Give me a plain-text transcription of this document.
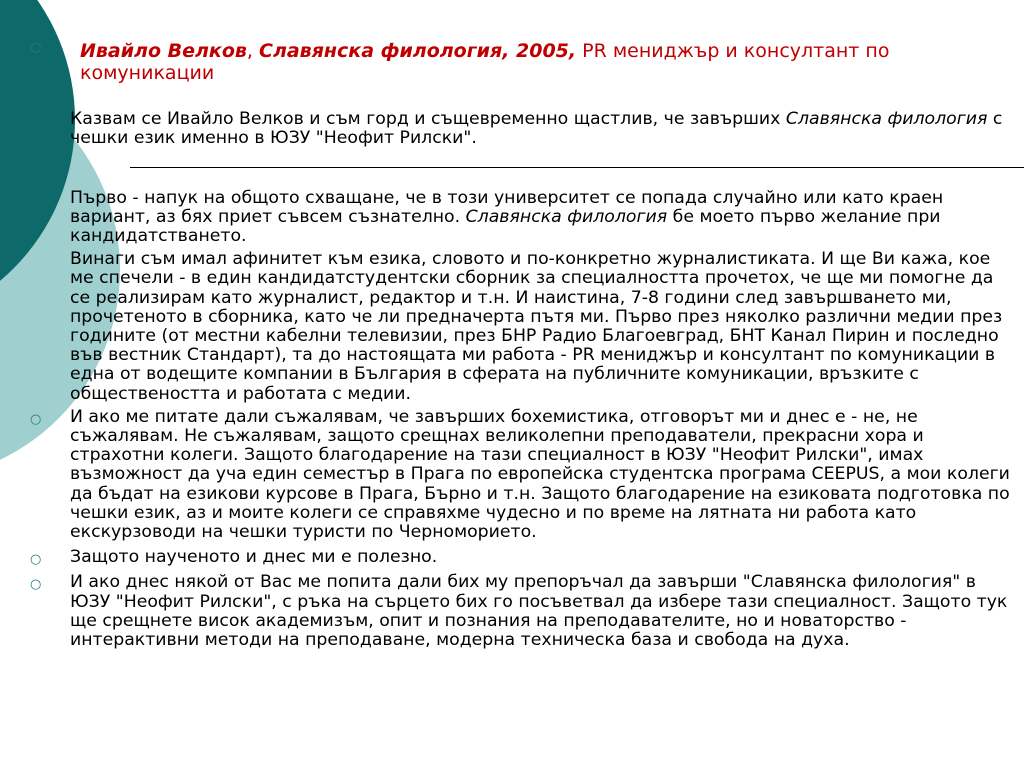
○	Ивайло Велков, Славянска филология, 2005, PR мениджър и консултант по комуникации

Казвам се Ивайло Велков и съм горд и същевременно щастлив, че завърших Славянска филология с чешки език именно в ЮЗУ "Неофит Рилски".

Първо - напук на общото схващане, че в този университет се попада случайно или като краен вариант, аз бях приет съвсем съзнателно. Славянска филология бе моето първо желание при кандидатстването.

Винаги съм имал афинитет към езика, словото и по-конкретно журналистиката. И ще Ви кажа, кое ме спечели - в един кандидатстудентски сборник за специалността прочетох, че ще ми помогне да се реализирам като журналист, редактор и т.н. И наистина, 7-8 години след завършването ми, прочетеното в сборника, като че ли предначерта пътя ми. Първо през няколко различни медии през годините (от местни кабелни телевизии, през БНР Радио Благоевград, БНТ Канал Пирин и последно във вестник Стандарт), та до настоящата ми работа - PR мениджър и консултант по комуникации в една от водещите компании в България в сферата на публичните комуникации, връзките с обществеността и работата с медии.

○	И ако ме питате дали съжалявам, че завърших бохемистика, отговорът ми и днес е - не, не съжалявам. Не съжалявам, защото срещнах великолепни преподаватели, прекрасни хора и страхотни колеги. Защото благодарение на тази специалност в ЮЗУ "Неофит Рилски", имах възможност да уча един семестър в Прага по европейска студентска програма CEEPUS, а мои колеги да бъдат на езикови курсове в Прага, Бърно и т.н. Защото благодарение на езиковата подготовка по чешки език, аз и моите колеги се справяхме чудесно и по време на лятната ни работа като екскурзоводи на чешки туристи по Черноморието.

○	Защото наученото и днес ми е полезно.

○	И ако днес някой от Вас ме попита дали бих му препоръчал да завърши "Славянска филология" в ЮЗУ "Неофит Рилски", с ръка на сърцето бих го посъветвал да избере тази специалност. Защото тук ще срещнете висок академизъм, опит и познания на преподавателите, но и новаторство - интерактивни методи на преподаване, модерна техническа база и свобода на духа.
